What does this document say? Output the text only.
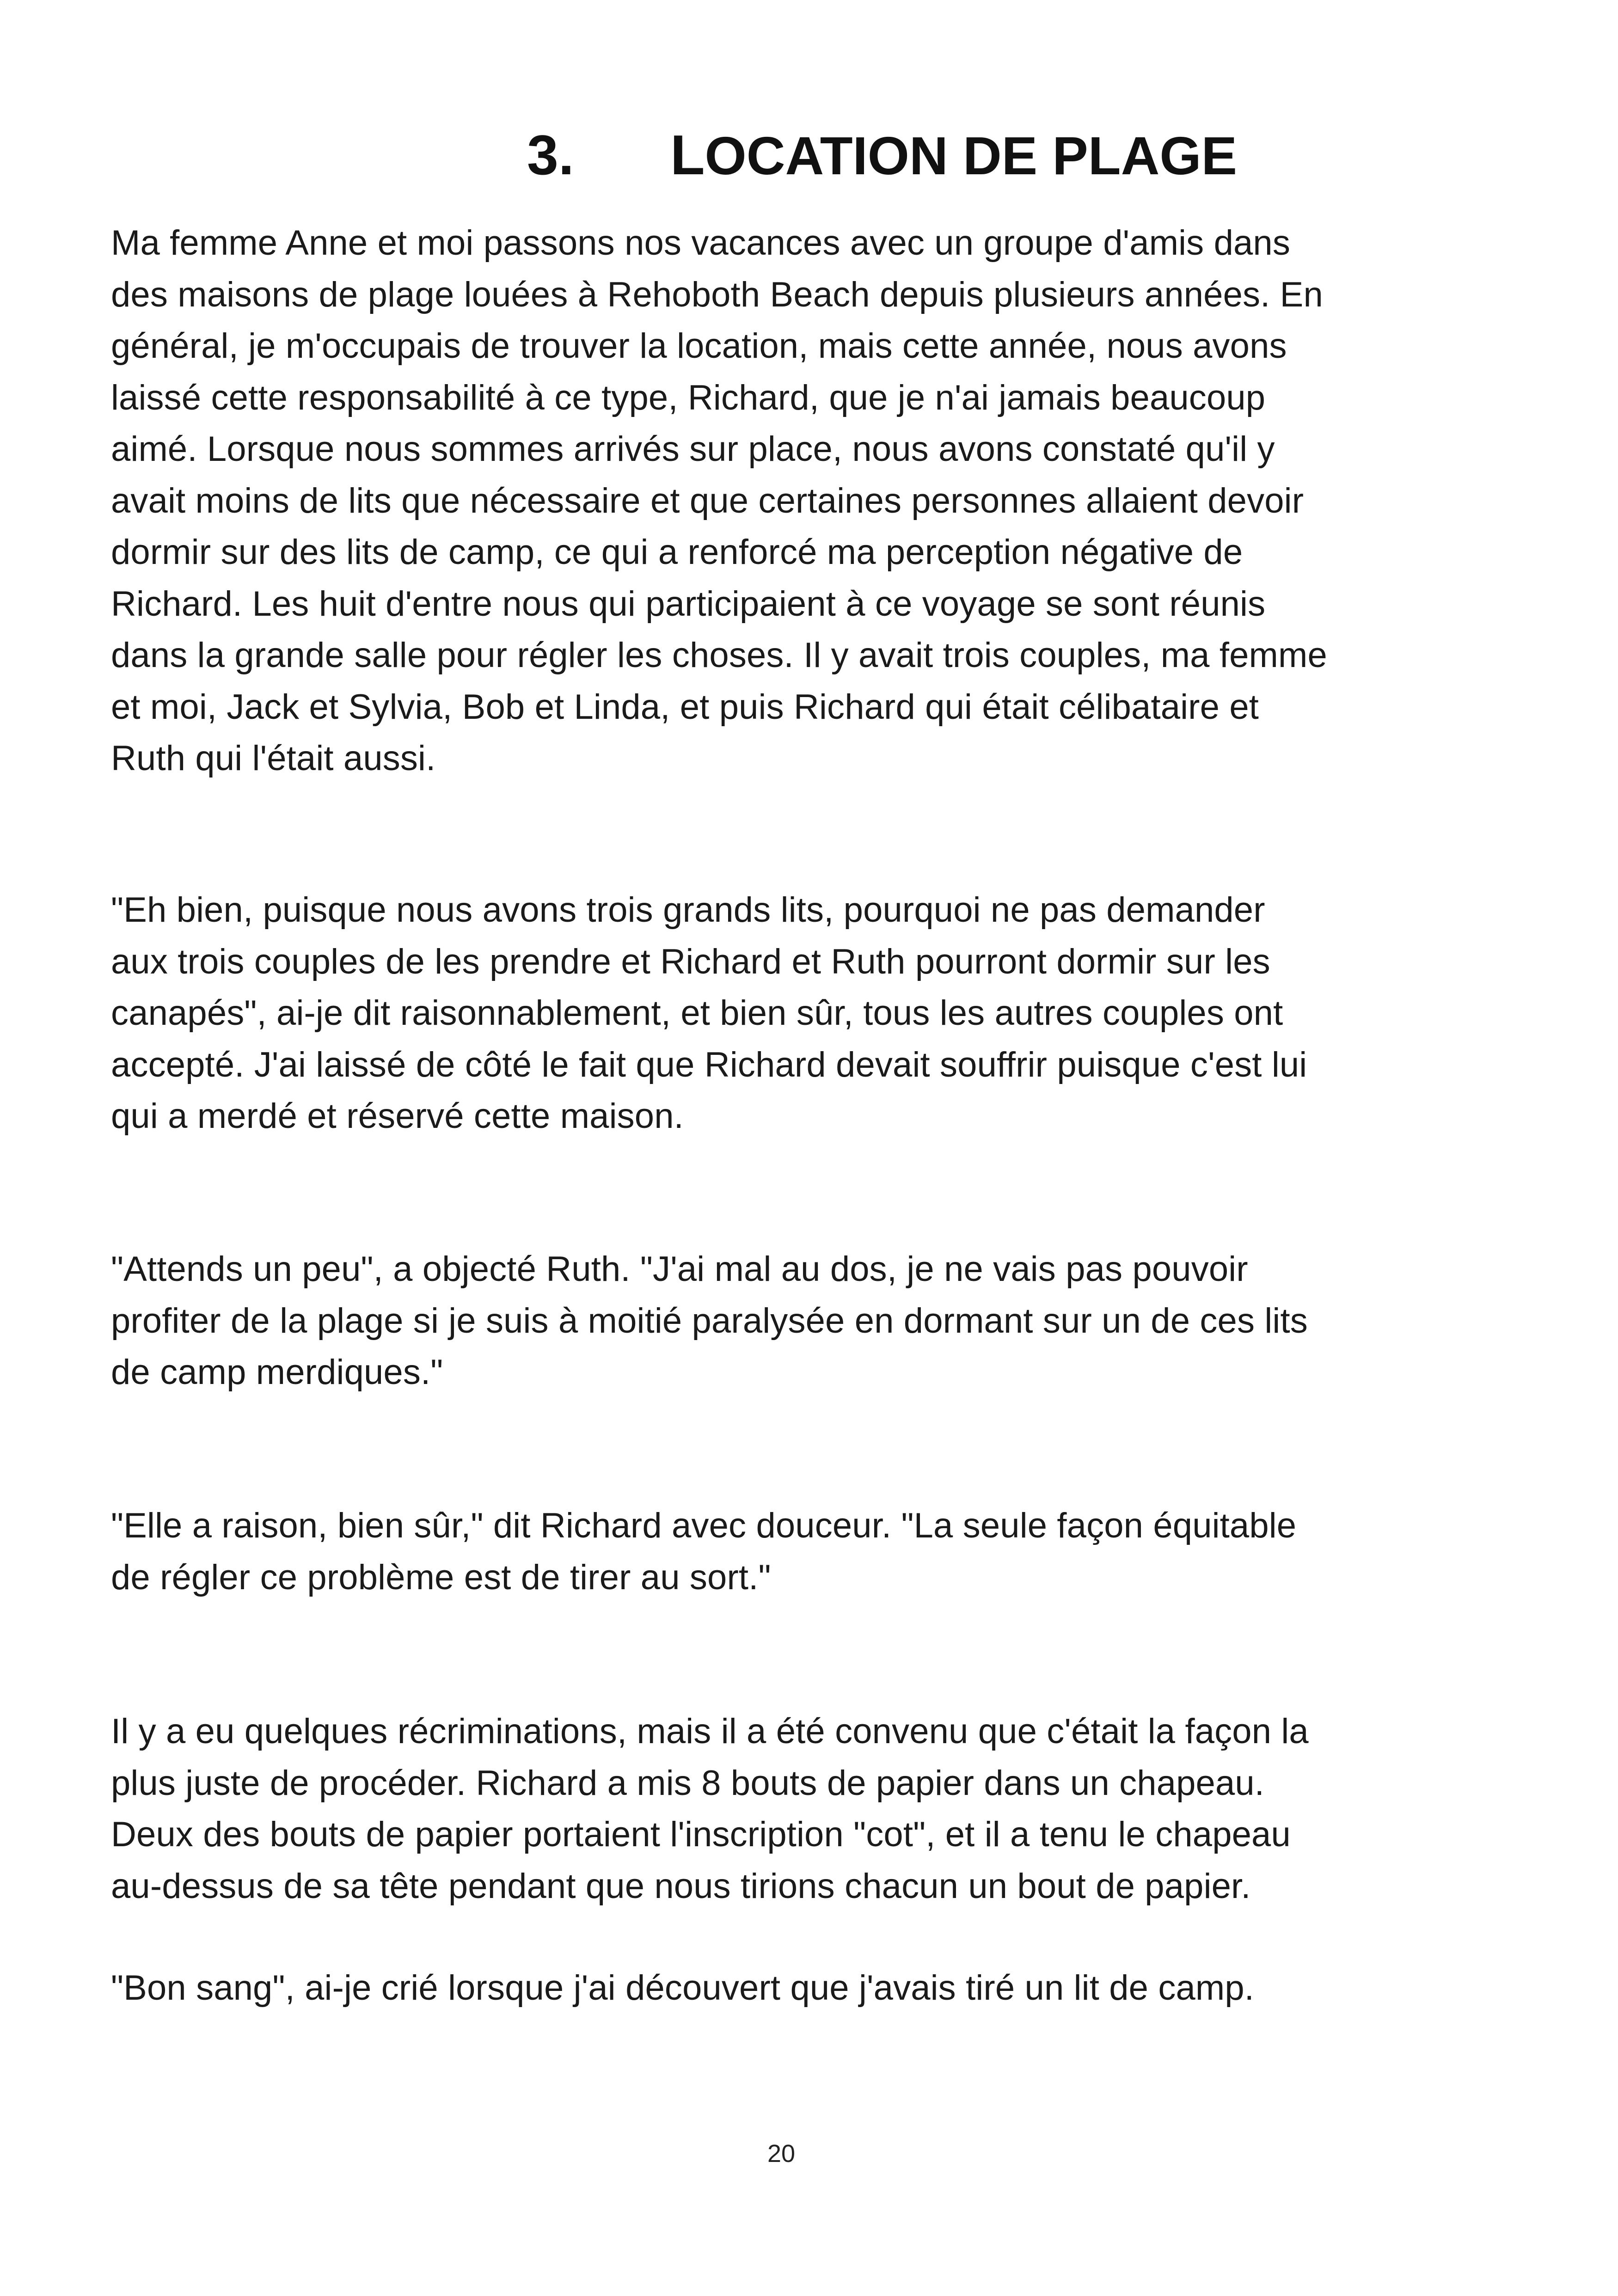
3.	LOCATION DE PLAGE

Ma femme Anne et moi passons nos vacances avec un groupe d'amis dans
des maisons de plage louées à Rehoboth Beach depuis plusieurs années. En
général, je m'occupais de trouver la location, mais cette année, nous avons
laissé cette responsabilité à ce type, Richard, que je n'ai jamais beaucoup
aimé. Lorsque nous sommes arrivés sur place, nous avons constaté qu'il y
avait moins de lits que nécessaire et que certaines personnes allaient devoir
dormir sur des lits de camp, ce qui a renforcé ma perception négative de
Richard. Les huit d'entre nous qui participaient à ce voyage se sont réunis
dans la grande salle pour régler les choses. Il y avait trois couples, ma femme
et moi, Jack et Sylvia, Bob et Linda, et puis Richard qui était célibataire et
Ruth qui l'était aussi.

"Eh bien, puisque nous avons trois grands lits, pourquoi ne pas demander
aux trois couples de les prendre et Richard et Ruth pourront dormir sur les
canapés", ai-je dit raisonnablement, et bien sûr, tous les autres couples ont
accepté. J'ai laissé de côté le fait que Richard devait souffrir puisque c'est lui
qui a merdé et réservé cette maison.

"Attends un peu", a objecté Ruth. "J'ai mal au dos, je ne vais pas pouvoir
profiter de la plage si je suis à moitié paralysée en dormant sur un de ces lits
de camp merdiques."

"Elle a raison, bien sûr," dit Richard avec douceur. "La seule façon équitable
de régler ce problème est de tirer au sort."

Il y a eu quelques récriminations, mais il a été convenu que c'était la façon la
plus juste de procéder. Richard a mis 8 bouts de papier dans un chapeau.
Deux des bouts de papier portaient l'inscription "cot", et il a tenu le chapeau
au-dessus de sa tête pendant que nous tirions chacun un bout de papier.

"Bon sang", ai-je crié lorsque j'ai découvert que j'avais tiré un lit de camp.

20
